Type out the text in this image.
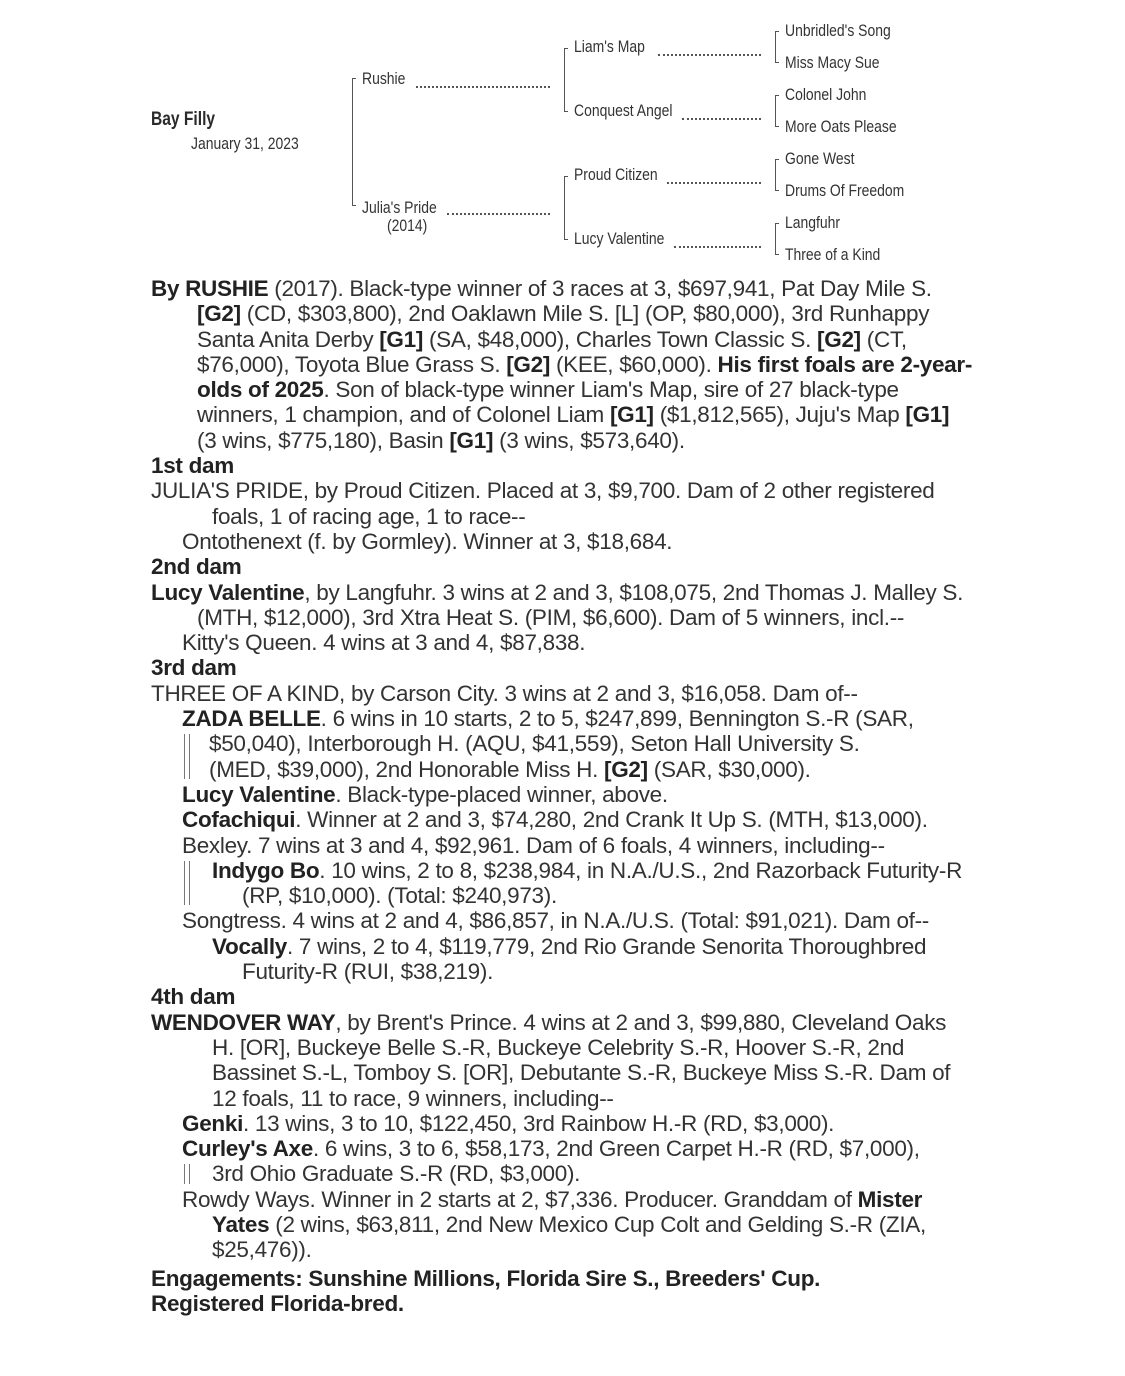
Bay Filly
January 31, 2023
Rushie
Julia's Pride
(2014)
Liam's Map
Conquest Angel
Proud Citizen
Lucy Valentine
Unbridled's Song
Miss Macy Sue
Colonel John
More Oats Please
Gone West
Drums Of Freedom
Langfuhr
Three of a Kind

By RUSHIE (2017). Black-type winner of 3 races at 3, $697,941, Pat Day Mile S. [G2] (CD, $303,800), 2nd Oaklawn Mile S. [L] (OP, $80,000), 3rd Runhappy Santa Anita Derby [G1] (SA, $48,000), Charles Town Classic S. [G2] (CT, $76,000), Toyota Blue Grass S. [G2] (KEE, $60,000). His first foals are 2-year-olds of 2025. Son of black-type winner Liam's Map, sire of 27 black-type winners, 1 champion, and of Colonel Liam [G1] ($1,812,565), Juju's Map [G1] (3 wins, $775,180), Basin [G1] (3 wins, $573,640).

1st dam

JULIA'S PRIDE, by Proud Citizen. Placed at 3, $9,700. Dam of 2 other registered foals, 1 of racing age, 1 to race--

Ontothenext (f. by Gormley). Winner at 3, $18,684.

2nd dam

Lucy Valentine, by Langfuhr. 3 wins at 2 and 3, $108,075, 2nd Thomas J. Malley S. (MTH, $12,000), 3rd Xtra Heat S. (PIM, $6,600). Dam of 5 winners, incl.--

Kitty's Queen. 4 wins at 3 and 4, $87,838.

3rd dam

THREE OF A KIND, by Carson City. 3 wins at 2 and 3, $16,058. Dam of--

ZADA BELLE. 6 wins in 10 starts, 2 to 5, $247,899, Bennington S.-R (SAR,

$50,040), Interborough H. (AQU, $41,559), Seton Hall University S.

(MED, $39,000), 2nd Honorable Miss H. [G2] (SAR, $30,000).

Lucy Valentine. Black-type-placed winner, above.

Cofachiqui. Winner at 2 and 3, $74,280, 2nd Crank It Up S. (MTH, $13,000).

Bexley. 7 wins at 3 and 4, $92,961. Dam of 6 foals, 4 winners, including--

Indygo Bo. 10 wins, 2 to 8, $238,984, in N.A./U.S., 2nd Razorback Futurity-R (RP, $10,000). (Total: $240,973).

Songtress. 4 wins at 2 and 4, $86,857, in N.A./U.S. (Total: $91,021). Dam of--

Vocally. 7 wins, 2 to 4, $119,779, 2nd Rio Grande Senorita Thoroughbred Futurity-R (RUI, $38,219).

4th dam

WENDOVER WAY, by Brent's Prince. 4 wins at 2 and 3, $99,880, Cleveland Oaks H. [OR], Buckeye Belle S.-R, Buckeye Celebrity S.-R, Hoover S.-R, 2nd Bassinet S.-L, Tomboy S. [OR], Debutante S.-R, Buckeye Miss S.-R. Dam of 12 foals, 11 to race, 9 winners, including--

Genki. 13 wins, 3 to 10, $122,450, 3rd Rainbow H.-R (RD, $3,000).

Curley's Axe. 6 wins, 3 to 6, $58,173, 2nd Green Carpet H.-R (RD, $7,000),

3rd Ohio Graduate S.-R (RD, $3,000).

Rowdy Ways. Winner in 2 starts at 2, $7,336. Producer. Granddam of Mister Yates (2 wins, $63,811, 2nd New Mexico Cup Colt and Gelding S.-R (ZIA, $25,476)).

Engagements: Sunshine Millions, Florida Sire S., Breeders' Cup.

Registered Florida-bred.
